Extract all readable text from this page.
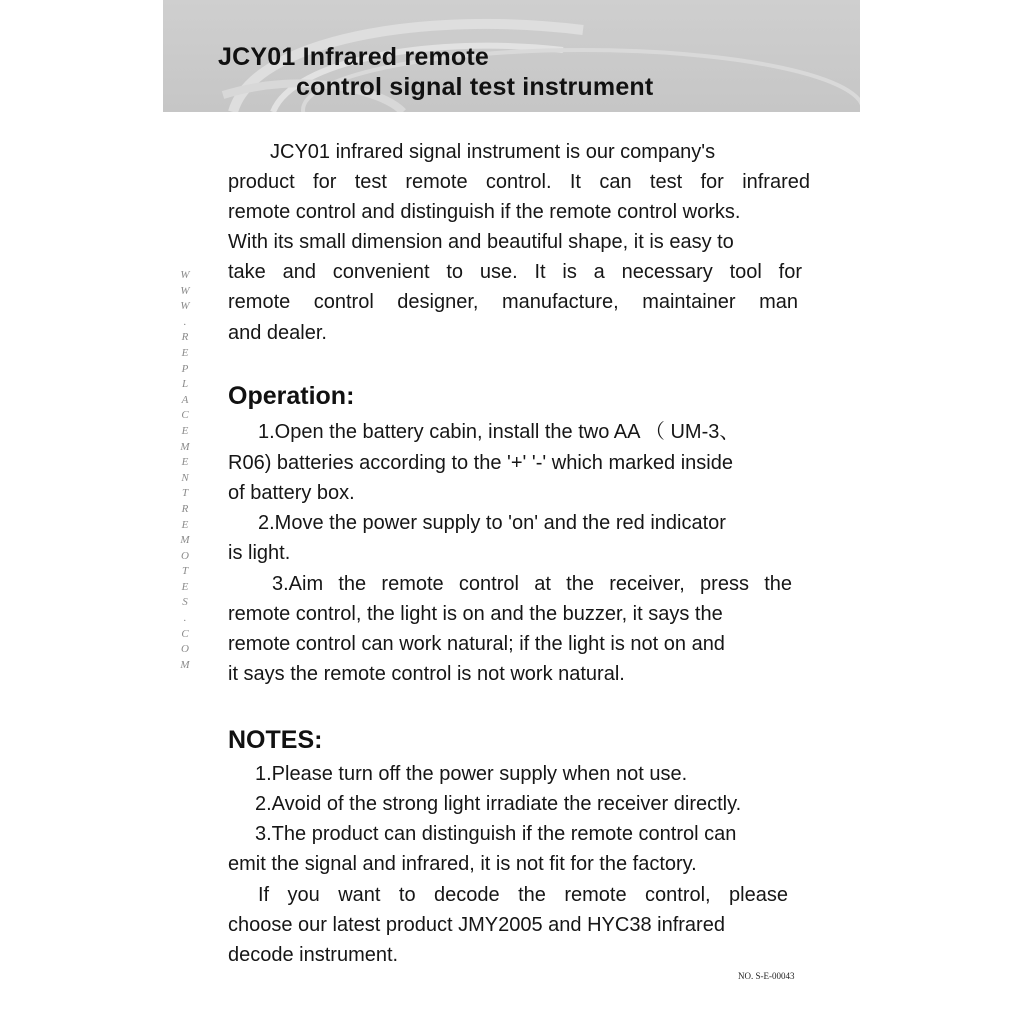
JCY01 Infrared remote
control signal test instrument
W
W
W
.
R
E
P
L
A
C
E
M
E
N
T
R
E
M
O
T
E
S
.
C
O
M
JCY01 infrared signal instrument is our company's
product for test remote control. It can test for infrared
remote control and distinguish if the remote control works.
With its small dimension and beautiful shape, it is easy to
take and convenient to use. It is a necessary tool for
remote control designer, manufacture, maintainer man
and dealer.
Operation:
1.Open the battery cabin, install the two AA （ UM-3、
R06) batteries according to the '+' '-' which marked inside
of battery box.
2.Move the power supply to 'on' and the red indicator
is light.
3.Aim the remote control at the receiver, press the
remote control, the light is on and the buzzer, it says the
remote control can work natural; if the light is not on and
it says the remote control is not work natural.
NOTES:
1.Please turn off the power supply when not use.
2.Avoid of the strong light irradiate the receiver directly.
3.The product can distinguish if the remote control can
emit the signal and infrared, it is not fit for the factory.
If you want to decode the remote control, please
choose our latest product JMY2005 and HYC38 infrared
decode instrument.
NO. S-E-00043
